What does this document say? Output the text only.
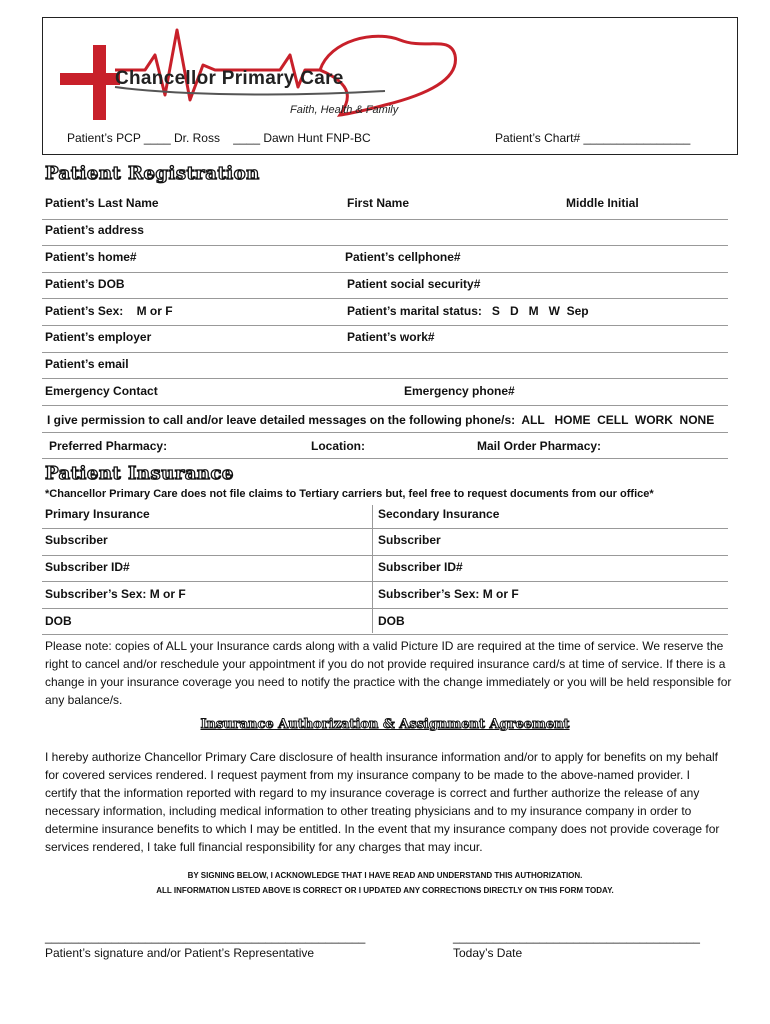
Chancellor Primary Care
Faith, Health & Family
Patient’s PCP ____ Dr. Ross    ____ Dawn Hunt FNP-BC	Patient’s Chart# ________________
Patient Registration
Patient’s Last Name	First Name	Middle Initial
Patient’s address
Patient’s home#	Patient’s cellphone#
Patient’s DOB	Patient social security#
Patient’s Sex:    M or F	Patient’s marital status:   S   D   M   W  Sep
Patient’s employer	Patient’s work#
Patient’s email
Emergency Contact	Emergency phone#
I give permission to call and/or leave detailed messages on the following phone/s:  ALL   HOME  CELL  WORK  NONE
Preferred Pharmacy:	Location:	Mail Order Pharmacy:
Patient Insurance
*Chancellor Primary Care does not file claims to Tertiary carriers but, feel free to request documents from our office*
Primary Insurance	Secondary Insurance
Subscriber	Subscriber
Subscriber ID#	Subscriber ID#
Subscriber’s Sex: M or F	Subscriber’s Sex: M or F
DOB	DOB
Please note: copies of ALL your Insurance cards along with a valid Picture ID are required at the time of service. We reserve the right to cancel and/or reschedule your appointment if you do not provide required insurance card/s at time of service. If there is a change in your insurance coverage you need to notify the practice with the change immediately or you will be held responsible for any balance/s.
Insurance Authorization & Assignment Agreement
I hereby authorize Chancellor Primary Care disclosure of health insurance information and/or to apply for benefits on my behalf for covered services rendered. I request payment from my insurance company to be made to the above-named provider. I certify that the information reported with regard to my insurance coverage is correct and further authorize the release of any necessary information, including medical information to other treating physicians and to my insurance company in order to determine insurance benefits to which I may be entitled. In the event that my insurance company does not provide coverage for services rendered, I take full financial responsibility for any charges that may incur.
BY SIGNING BELOW, I ACKNOWLEDGE THAT I HAVE READ AND UNDERSTAND THIS AUTHORIZATION.
ALL INFORMATION LISTED ABOVE IS CORRECT OR I UPDATED ANY CORRECTIONS DIRECTLY ON THIS FORM TODAY.
________________________________________________	_____________________________________
Patient’s signature and/or Patient’s Representative	Today’s Date
